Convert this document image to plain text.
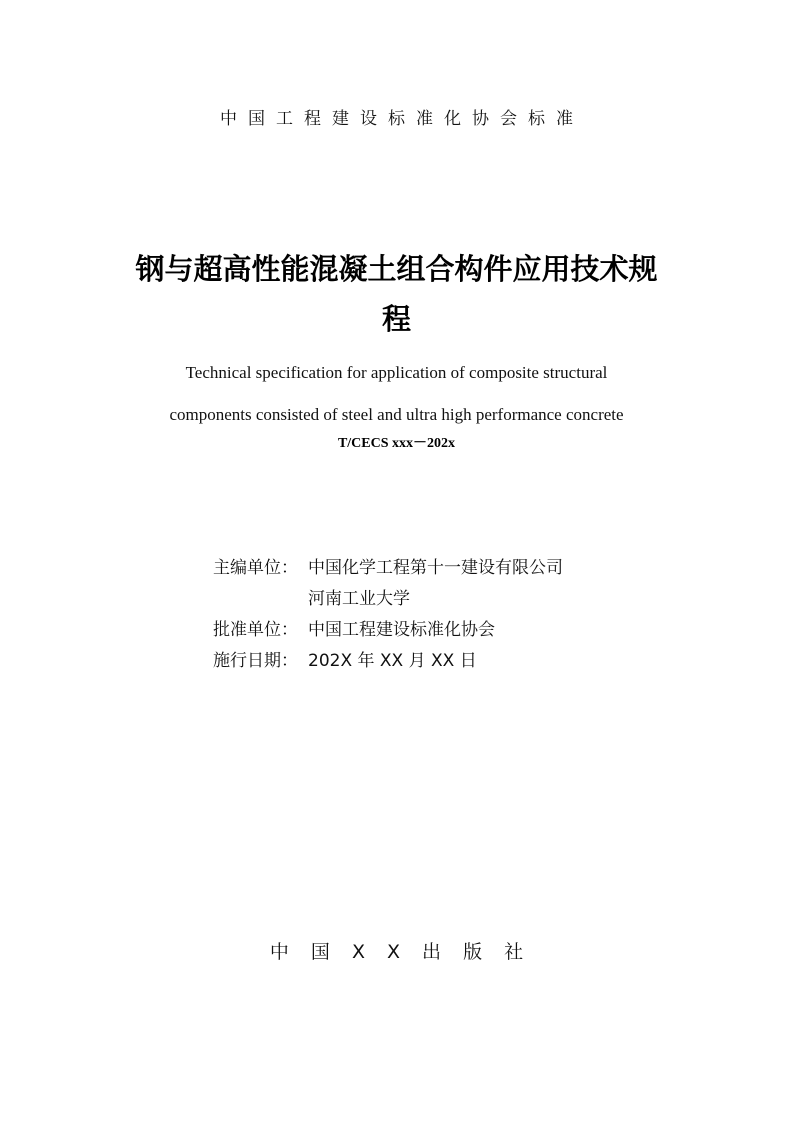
中国工程建设标准化协会标准
钢与超高性能混凝土组合构件应用技术规
程
Technical specification for application of composite structural
components consisted of steel and ultra high performance concrete
T/CECS xxx－202x
主编单位： 中国化学工程第十一建设有限公司
河南工业大学
批准单位： 中国工程建设标准化协会
施行日期： 202X 年 XX 月 XX 日
中 国 X X 出 版 社
